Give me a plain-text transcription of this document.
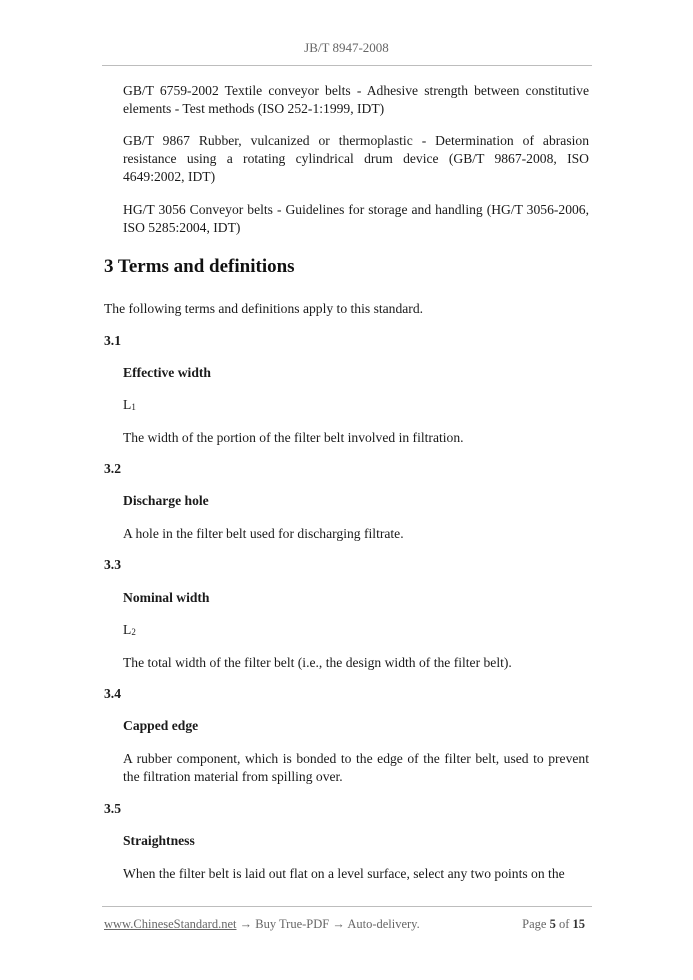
JB/T 8947-2008
GB/T 6759-2002 Textile conveyor belts - Adhesive strength between constitutive elements - Test methods (ISO 252-1:1999, IDT)
GB/T 9867 Rubber, vulcanized or thermoplastic - Determination of abrasion resistance using a rotating cylindrical drum device (GB/T 9867-2008, ISO 4649:2002, IDT)
HG/T 3056 Conveyor belts - Guidelines for storage and handling (HG/T 3056-2006, ISO 5285:2004, IDT)
3 Terms and definitions
The following terms and definitions apply to this standard.
3.1
Effective width
$L_1$
The width of the portion of the filter belt involved in filtration.
3.2
Discharge hole
A hole in the filter belt used for discharging filtrate.
3.3
Nominal width
$L_2$
The total width of the filter belt (i.e., the design width of the filter belt).
3.4
Capped edge
A rubber component, which is bonded to the edge of the filter belt, used to prevent the filtration material from spilling over.
3.5
Straightness
When the filter belt is laid out flat on a level surface, select any two points on the
www.ChineseStandard.net → Buy True-PDF → Auto-delivery.	Page 5 of 15
